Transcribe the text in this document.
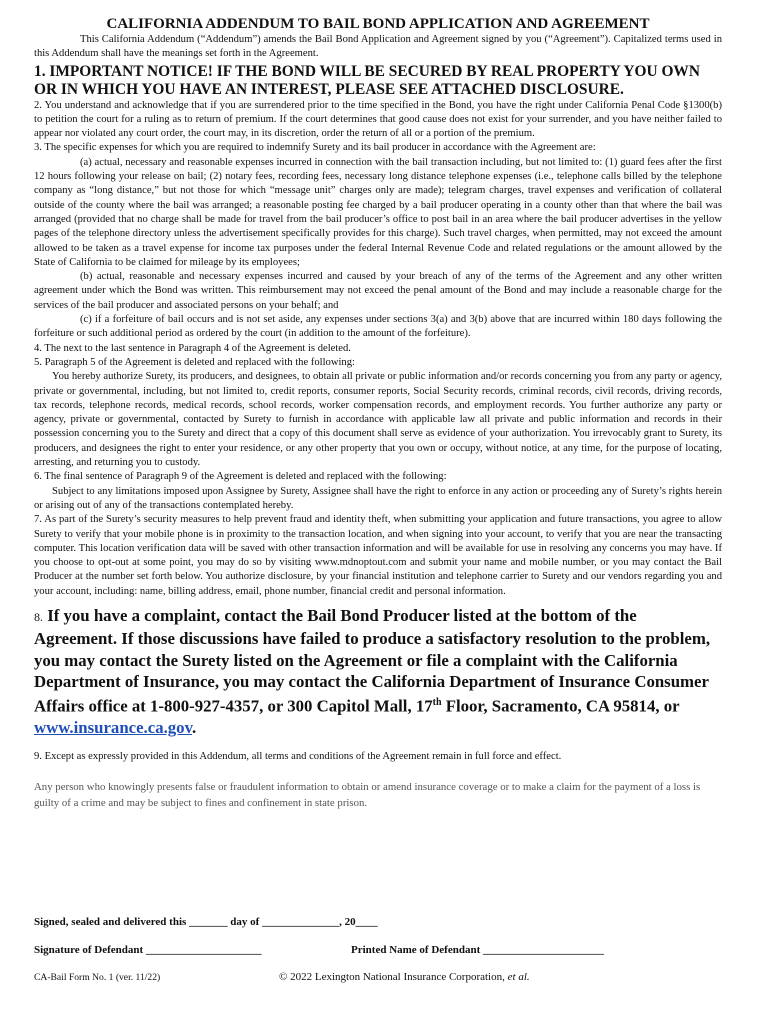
CALIFORNIA ADDENDUM TO BAIL BOND APPLICATION AND AGREEMENT

This California Addendum (“Addendum”) amends the Bail Bond Application and Agreement signed by you (“Agreement”). Capitalized terms used in this Addendum shall have the meanings set forth in the Agreement.

1. IMPORTANT NOTICE! IF THE BOND WILL BE SECURED BY REAL PROPERTY YOU OWN OR IN WHICH YOU HAVE AN INTEREST, PLEASE SEE ATTACHED DISCLOSURE.

2. You understand and acknowledge that if you are surrendered prior to the time specified in the Bond, you have the right under California Penal Code §1300(b) to petition the court for a ruling as to return of premium. If the court determines that good cause does not exist for your surrender, and you have neither failed to appear nor violated any court order, the court may, in its discretion, order the return of all or a portion of the premium.

3. The specific expenses for which you are required to indemnify Surety and its bail producer in accordance with the Agreement are:

(a) actual, necessary and reasonable expenses incurred in connection with the bail transaction including, but not limited to: (1) guard fees after the first 12 hours following your release on bail; (2) notary fees, recording fees, necessary long distance telephone expenses (i.e., telephone calls billed by the telephone company as “long distance,” but not those for which “message unit” charges only are made); telegram charges, travel expenses and verification of collateral outside of the county where the bail was arranged; a reasonable posting fee charged by a bail producer operating in a county other than that where the bail was arranged (provided that no charge shall be made for travel from the bail producer’s office to post bail in an area where the bail producer advertises in the yellow pages of the telephone directory unless the advertisement specifically provides for this charge). Such travel charges, when permitted, may not exceed the amount allowed to be taken as a travel expense for income tax purposes under the federal Internal Revenue Code and related regulations or the amount allowed by the State of California to be claimed for mileage by its employees;

(b) actual, reasonable and necessary expenses incurred and caused by your breach of any of the terms of the Agreement and any other written agreement under which the Bond was written. This reimbursement may not exceed the penal amount of the Bond and may include a reasonable charge for the services of the bail producer and associated persons on your behalf; and

(c) if a forfeiture of bail occurs and is not set aside, any expenses under sections 3(a) and 3(b) above that are incurred within 180 days following the forfeiture or such additional period as ordered by the court (in addition to the amount of the forfeiture).

4. The next to the last sentence in Paragraph 4 of the Agreement is deleted.

5. Paragraph 5 of the Agreement is deleted and replaced with the following:

You hereby authorize Surety, its producers, and designees, to obtain all private or public information and/or records concerning you from any party or agency, private or governmental, including, but not limited to, credit reports, consumer reports, Social Security records, criminal records, civil records, driving records, tax records, telephone records, medical records, school records, worker compensation records, and employment records. You further authorize any party or agency, private or governmental, contacted by Surety to furnish in accordance with applicable law all private and public information and records in their possession concerning you to the Surety and direct that a copy of this document shall serve as evidence of your authorization. You irrevocably grant to Surety, its producers, and designees the right to enter your residence, or any other property that you own or occupy, without notice, at any time, for the purpose of locating, arresting, and returning you to custody.

6. The final sentence of Paragraph 9 of the Agreement is deleted and replaced with the following:

Subject to any limitations imposed upon Assignee by Surety, Assignee shall have the right to enforce in any action or proceeding any of Surety’s rights herein or arising out of any of the transactions contemplated hereby.

7. As part of the Surety’s security measures to help prevent fraud and identity theft, when submitting your application and future transactions, you agree to allow Surety to verify that your mobile phone is in proximity to the transaction location, and when signing into your account, to verify that you are near the transacting computer. This location verification data will be saved with other transaction information and will be available for use in resolving any concerns you may have. If you choose to opt-out at some point, you may do so by visiting www.mdnoptout.com and submit your name and mobile number, or you may contact the Bail Producer at the number set forth below. You authorize disclosure, by your financial institution and telephone carrier to Surety and our vendors regarding you and your account, including: name, billing address, email, phone number, financial credit and personal information.

8. If you have a complaint, contact the Bail Bond Producer listed at the bottom of the Agreement. If those discussions have failed to produce a satisfactory resolution to the problem, you may contact the Surety listed on the Agreement or file a complaint with the California Department of Insurance, you may contact the California Department of Insurance Consumer Affairs office at 1-800-927-4357, or 300 Capitol Mall, 17th Floor, Sacramento, CA 95814, or www.insurance.ca.gov.

9. Except as expressly provided in this Addendum, all terms and conditions of the Agreement remain in full force and effect.

Any person who knowingly presents false or fraudulent information to obtain or amend insurance coverage or to make a claim for the payment of a loss is guilty of a crime and may be subject to fines and confinement in state prison.

Signed, sealed and delivered this _______ day of ______________, 20____

Signature of Defendant _____________________	Printed Name of Defendant ______________________

CA-Bail Form No. 1 (ver. 11/22)	© 2022 Lexington National Insurance Corporation, et al.
